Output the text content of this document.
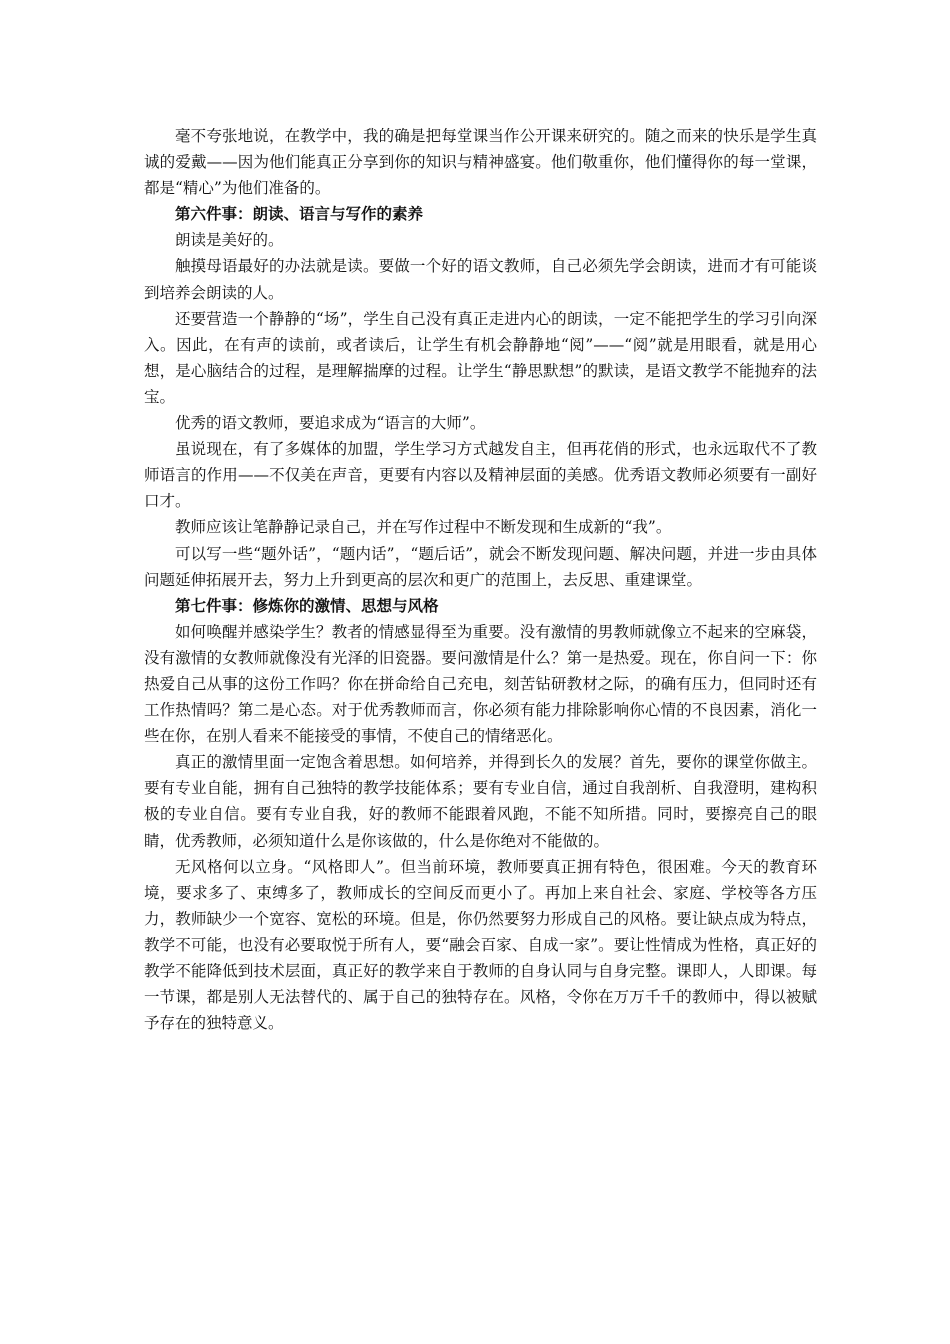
毫不夸张地说，在教学中，我的确是把每堂课当作公开课来研究的。随之而来的快乐是学生真诚的爱戴——因为他们能真正分享到你的知识与精神盛宴。他们敬重你，他们懂得你的每一堂课，都是“精心”为他们准备的。

第六件事：朗读、语言与写作的素养

朗读是美好的。

触摸母语最好的办法就是读。要做一个好的语文教师，自己必须先学会朗读，进而才有可能谈到培养会朗读的人。

还要营造一个静静的“场”，学生自己没有真正走进内心的朗读，一定不能把学生的学习引向深入。因此，在有声的读前，或者读后，让学生有机会静静地“阅”——“阅”就是用眼看，就是用心想，是心脑结合的过程，是理解揣摩的过程。让学生“静思默想”的默读，是语文教学不能抛弃的法宝。

优秀的语文教师，要追求成为“语言的大师”。

虽说现在，有了多媒体的加盟，学生学习方式越发自主，但再花俏的形式，也永远取代不了教师语言的作用——不仅美在声音，更要有内容以及精神层面的美感。优秀语文教师必须要有一副好口才。

教师应该让笔静静记录自己，并在写作过程中不断发现和生成新的“我”。

可以写一些“题外话”，“题内话”，“题后话”，就会不断发现问题、解决问题，并进一步由具体问题延伸拓展开去，努力上升到更高的层次和更广的范围上，去反思、重建课堂。

第七件事：修炼你的激情、思想与风格

如何唤醒并感染学生？教者的情感显得至为重要。没有激情的男教师就像立不起来的空麻袋，没有激情的女教师就像没有光泽的旧瓷器。要问激情是什么？第一是热爱。现在，你自问一下：你热爱自己从事的这份工作吗？你在拼命给自己充电，刻苦钻研教材之际，的确有压力，但同时还有工作热情吗？第二是心态。对于优秀教师而言，你必须有能力排除影响你心情的不良因素，消化一些在你，在别人看来不能接受的事情，不使自己的情绪恶化。

真正的激情里面一定饱含着思想。如何培养，并得到长久的发展？首先，要你的课堂你做主。要有专业自能，拥有自己独特的教学技能体系；要有专业自信，通过自我剖析、自我澄明，建构积极的专业自信。要有专业自我，好的教师不能跟着风跑，不能不知所措。同时，要擦亮自己的眼睛，优秀教师，必须知道什么是你该做的，什么是你绝对不能做的。

无风格何以立身。“风格即人”。但当前环境，教师要真正拥有特色，很困难。今天的教育环境，要求多了、束缚多了，教师成长的空间反而更小了。再加上来自社会、家庭、学校等各方压力，教师缺少一个宽容、宽松的环境。但是，你仍然要努力形成自己的风格。要让缺点成为特点，教学不可能，也没有必要取悦于所有人，要“融会百家、自成一家”。要让性情成为性格，真正好的教学不能降低到技术层面，真正好的教学来自于教师的自身认同与自身完整。课即人，人即课。每一节课，都是别人无法替代的、属于自己的独特存在。风格，令你在万万千千的教师中，得以被赋予存在的独特意义。
